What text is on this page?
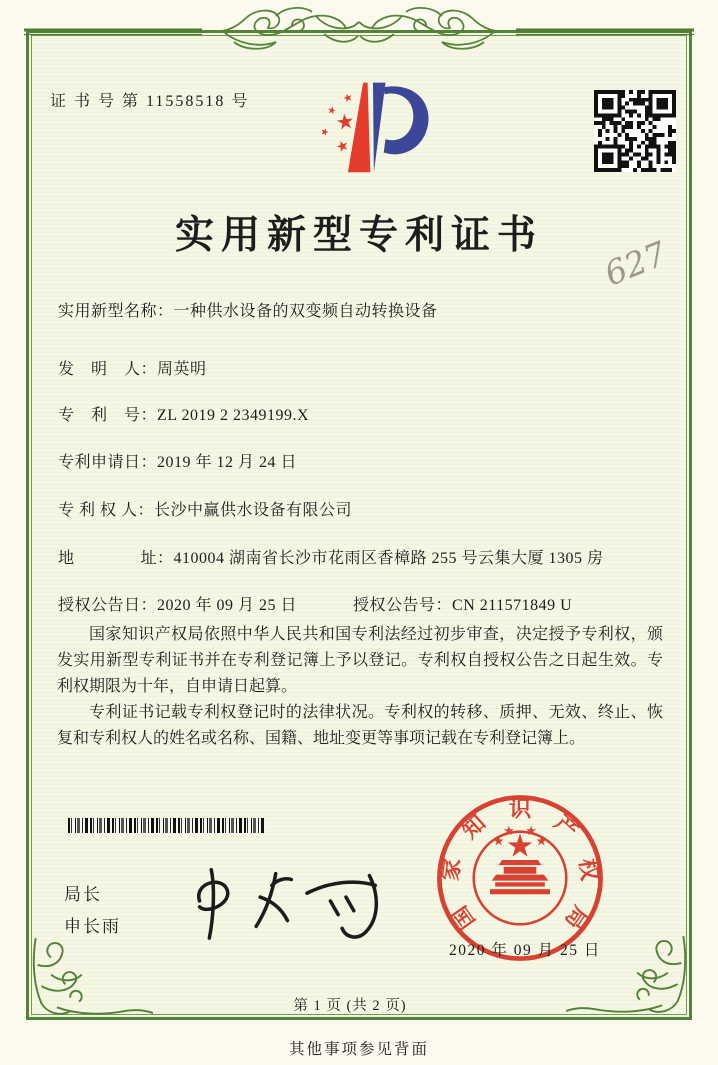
证 书 号 第 11558518 号
实用新型专利证书	627
实用新型名称：一种供水设备的双变频自动转换设备
发　明　人：周英明
专　利　号：ZL 2019 2 2349199.X
专利申请日：2019 年 12 月 24 日
专 利 权 人：长沙中赢供水设备有限公司
地　　　　址：410004 湖南省长沙市花雨区香樟路 255 号云集大厦 1305 房
授权公告日：2020 年 09 月 25 日	授权公告号：CN 211571849 U

国家知识产权局依照中华人民共和国专利法经过初步审查，决定授予专利权，颁发实用新型专利证书并在专利登记簿上予以登记。专利权自授权公告之日起生效。专利权期限为十年，自申请日起算。

专利证书记载专利权登记时的法律状况。专利权的转移、质押、无效、终止、恢复和专利权人的姓名或名称、国籍、地址变更等事项记载在专利登记簿上。

局长
申长雨	国
家
知
识
产
权
局
2020 年 09 月 25 日
第 1 页 (共 2 页)
其他事项参见背面
